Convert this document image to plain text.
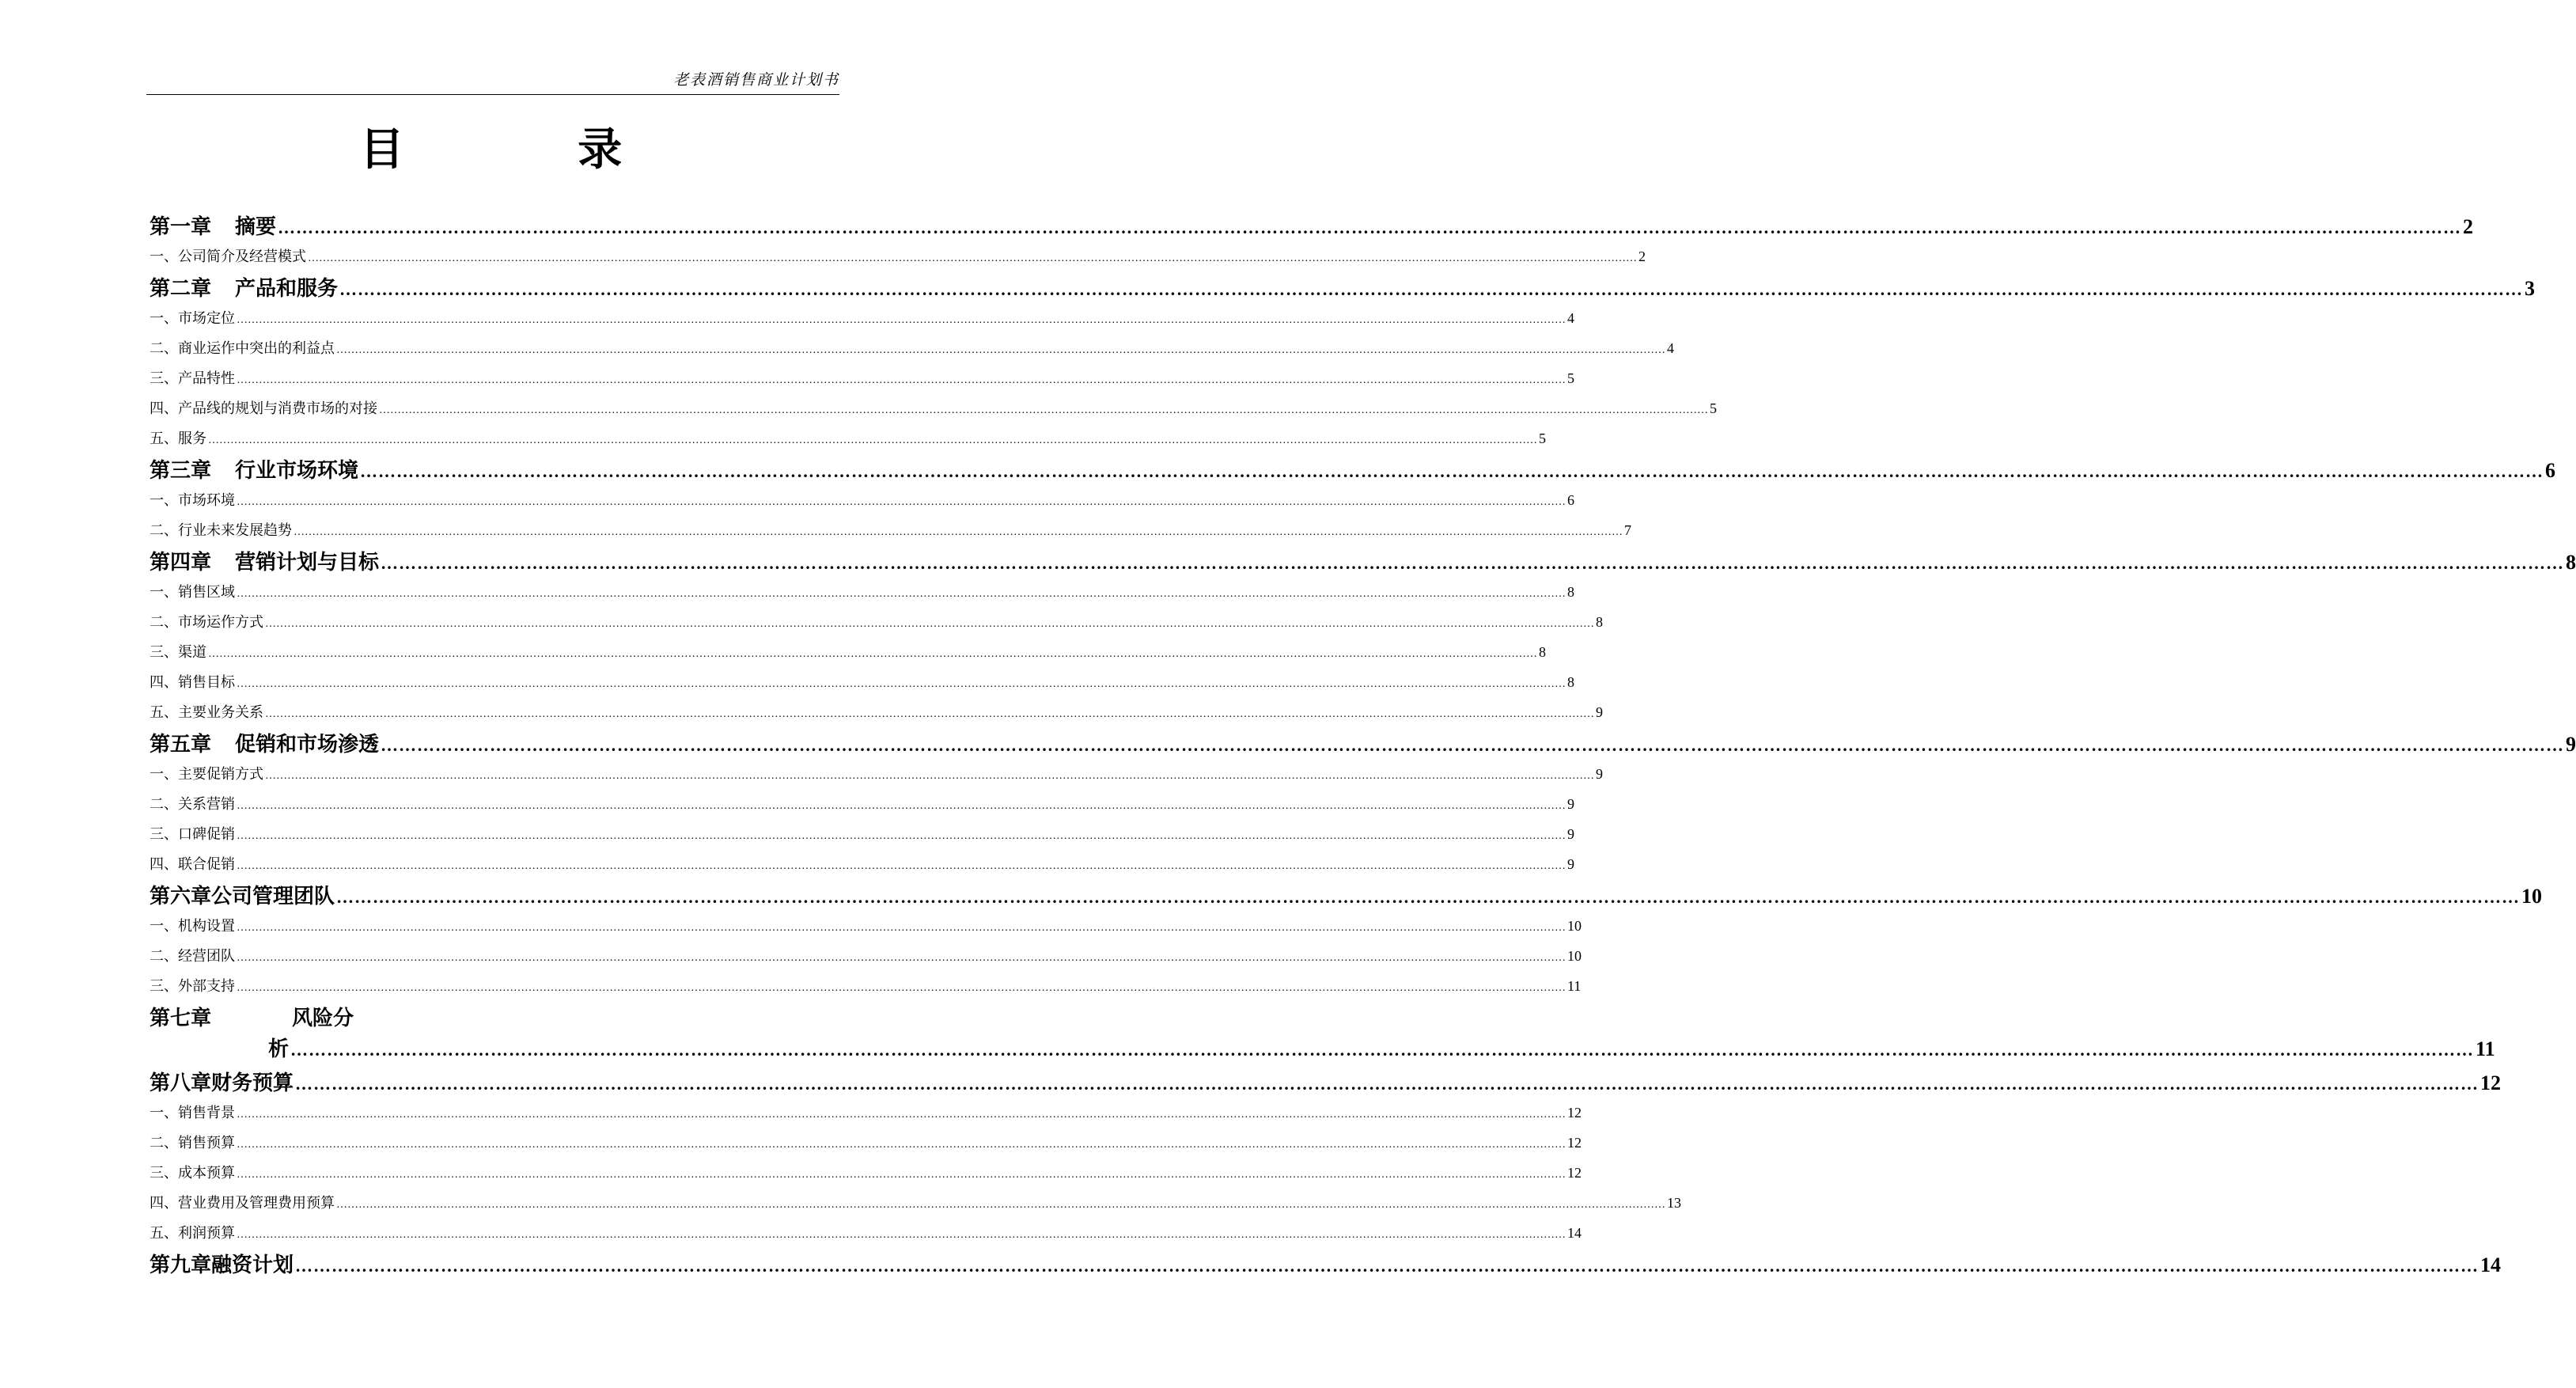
老表酒销售商业计划书
目 录
第一章 摘要 ……………………………………………………………………………………………………………………………………………………………………………………………………………………………………………………………………………………………………………………………… 2
一、 公司简介及经营模式 ……………………………………………………………………………………………………………………………………………………………………………………………………………………………………………………………………………………………………………………………… 2
第二章 产品和服务 ……………………………………………………………………………………………………………………………………………………………………………………………………………………………………………………………………………………………………………………………… 3
一、 市场定位 ……………………………………………………………………………………………………………………………………………………………………………………………………………………………………………………………………………………………………………………………… 4
二、 商业运作中突出的利益点 ……………………………………………………………………………………………………………………………………………………………………………………………………………………………………………………………………………………………………………………………… 4
三、 产品特性 ……………………………………………………………………………………………………………………………………………………………………………………………………………………………………………………………………………………………………………………………… 5
四、 产品线的规划与消费市场的对接 ……………………………………………………………………………………………………………………………………………………………………………………………………………………………………………………………………………………………………………………………… 5
五、 服务 ……………………………………………………………………………………………………………………………………………………………………………………………………………………………………………………………………………………………………………………………… 5
第三章 行业市场环境 ……………………………………………………………………………………………………………………………………………………………………………………………………………………………………………………………………………………………………………………………… 6
一、 市场环境 ……………………………………………………………………………………………………………………………………………………………………………………………………………………………………………………………………………………………………………………………… 6
二、 行业未来发展趋势 ……………………………………………………………………………………………………………………………………………………………………………………………………………………………………………………………………………………………………………………………… 7
第四章 营销计划与目标 ……………………………………………………………………………………………………………………………………………………………………………………………………………………………………………………………………………………………………………………………… 8
一、 销售区域 ……………………………………………………………………………………………………………………………………………………………………………………………………………………………………………………………………………………………………………………………… 8
二、 市场运作方式 ……………………………………………………………………………………………………………………………………………………………………………………………………………………………………………………………………………………………………………………………… 8
三、 渠道 ……………………………………………………………………………………………………………………………………………………………………………………………………………………………………………………………………………………………………………………………… 8
四、 销售目标 ……………………………………………………………………………………………………………………………………………………………………………………………………………………………………………………………………………………………………………………………… 8
五、 主要业务关系 ……………………………………………………………………………………………………………………………………………………………………………………………………………………………………………………………………………………………………………………………… 9
第五章 促销和市场渗透 ……………………………………………………………………………………………………………………………………………………………………………………………………………………………………………………………………………………………………………………………… 9
一、 主要促销方式 ……………………………………………………………………………………………………………………………………………………………………………………………………………………………………………………………………………………………………………………………… 9
二、 关系营销 ……………………………………………………………………………………………………………………………………………………………………………………………………………………………………………………………………………………………………………………………… 9
三、 口碑促销 ……………………………………………………………………………………………………………………………………………………………………………………………………………………………………………………………………………………………………………………………… 9
四、 联合促销 ……………………………………………………………………………………………………………………………………………………………………………………………………………………………………………………………………………………………………………………………… 9
第六章 公司管理团队 ……………………………………………………………………………………………………………………………………………………………………………………………………………………………………………………………………………………………………………………………… 10
一、 机构设置 ……………………………………………………………………………………………………………………………………………………………………………………………………………………………………………………………………………………………………………………………… 10
二、 经营团队 ……………………………………………………………………………………………………………………………………………………………………………………………………………………………………………………………………………………………………………………………… 10
三、 外部支持 ……………………………………………………………………………………………………………………………………………………………………………………………………………………………………………………………………………………………………………………………… 11
第七章	风险分
析 ……………………………………………………………………………………………………………………………………………………………………………………………………………………………………………………………………………………………………………………………… 11
第八章 财务预算 ……………………………………………………………………………………………………………………………………………………………………………………………………………………………………………………………………………………………………………………………… 12
一、 销售背景 ……………………………………………………………………………………………………………………………………………………………………………………………………………………………………………………………………………………………………………………………… 12
二、 销售预算 ……………………………………………………………………………………………………………………………………………………………………………………………………………………………………………………………………………………………………………………………… 12
三、 成本预算 ……………………………………………………………………………………………………………………………………………………………………………………………………………………………………………………………………………………………………………………………… 12
四、 营业费用及管理费用预算 ……………………………………………………………………………………………………………………………………………………………………………………………………………………………………………………………………………………………………………………………… 13
五、 利润预算 ……………………………………………………………………………………………………………………………………………………………………………………………………………………………………………………………………………………………………………………………… 14
第九章 融资计划 ……………………………………………………………………………………………………………………………………………………………………………………………………………………………………………………………………………………………………………………………… 14
